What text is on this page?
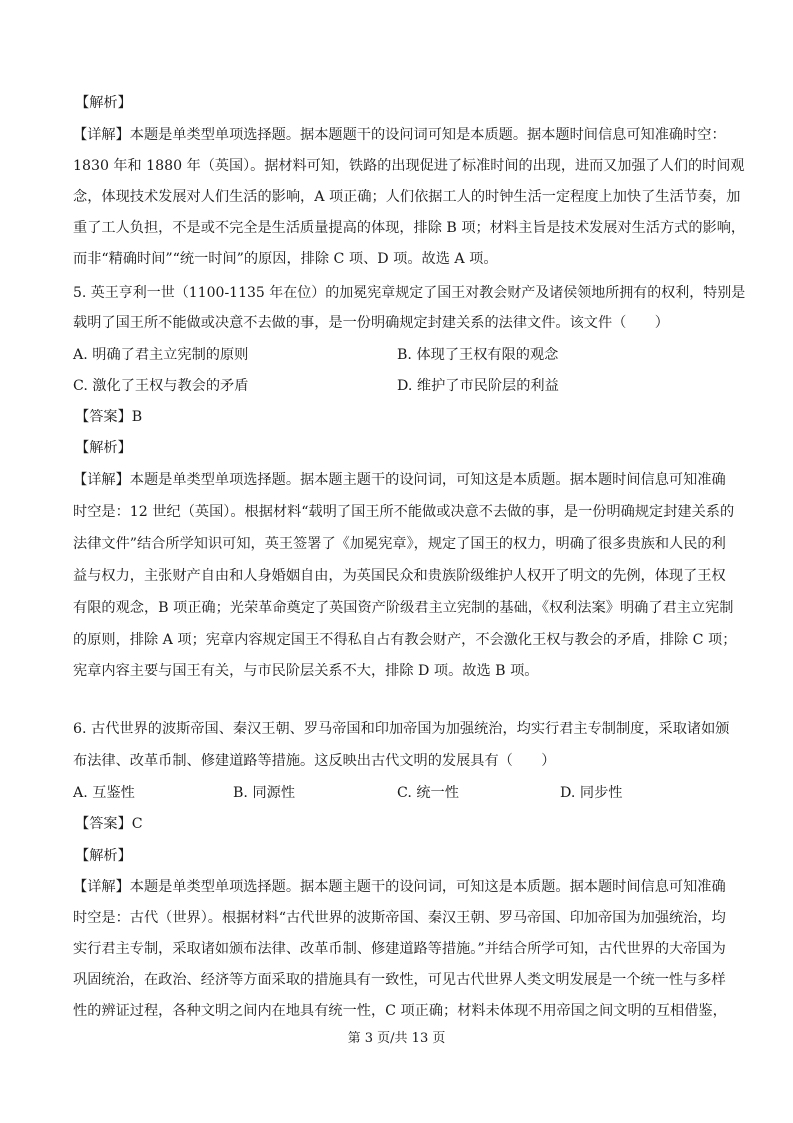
【解析】
【详解】本题是单类型单项选择题。据本题题干的设问词可知是本质题。据本题时间信息可知准确时空：
1830 年和 1880 年（英国）。据材料可知，铁路的出现促进了标准时间的出现，进而又加强了人们的时间观
念，体现技术发展对人们生活的影响，A 项正确；人们依据工人的时钟生活一定程度上加快了生活节奏，加
重了工人负担，不是或不完全是生活质量提高的体现，排除 B 项；材料主旨是技术发展对生活方式的影响，
而非“精确时间”“统一时间”的原因，排除 C 项、D 项。故选 A 项。
5. 英王亨利一世（1100-1135 年在位）的加冕宪章规定了国王对教会财产及诸侯领地所拥有的权利，特别是
载明了国王所不能做或决意不去做的事，是一份明确规定封建关系的法律文件。该文件（　　）
A. 明确了君主立宪制的原则	B. 体现了王权有限的观念
C. 激化了王权与教会的矛盾	D. 维护了市民阶层的利益
【答案】B
【解析】
【详解】本题是单类型单项选择题。据本题主题干的设问词，可知这是本质题。据本题时间信息可知准确
时空是：12 世纪（英国）。根据材料“载明了国王所不能做或决意不去做的事，是一份明确规定封建关系的
法律文件”结合所学知识可知，英王签署了《加冕宪章》，规定了国王的权力，明确了很多贵族和人民的利
益与权力，主张财产自由和人身婚姻自由，为英国民众和贵族阶级维护人权开了明文的先例，体现了王权
有限的观念，B 项正确；光荣革命奠定了英国资产阶级君主立宪制的基础，《权利法案》明确了君主立宪制
的原则，排除 A 项；宪章内容规定国王不得私自占有教会财产，不会激化王权与教会的矛盾，排除 C 项；
宪章内容主要与国王有关，与市民阶层关系不大，排除 D 项。故选 B 项。
6. 古代世界的波斯帝国、秦汉王朝、罗马帝国和印加帝国为加强统治，均实行君主专制制度，采取诸如颁
布法律、改革币制、修建道路等措施。这反映出古代文明的发展具有（　　）
A. 互鉴性	B. 同源性	C. 统一性	D. 同步性
【答案】C
【解析】
【详解】本题是单类型单项选择题。据本题主题干的设问词，可知这是本质题。据本题时间信息可知准确
时空是：古代（世界）。根据材料“古代世界的波斯帝国、秦汉王朝、罗马帝国、印加帝国为加强统治，均
实行君主专制，采取诸如颁布法律、改革币制、修建道路等措施。”并结合所学可知，古代世界的大帝国为
巩固统治，在政治、经济等方面采取的措施具有一致性，可见古代世界人类文明发展是一个统一性与多样
性的辨证过程，各种文明之间内在地具有统一性，C 项正确；材料未体现不用帝国之间文明的互相借鉴，
第 3 页/共 13 页
